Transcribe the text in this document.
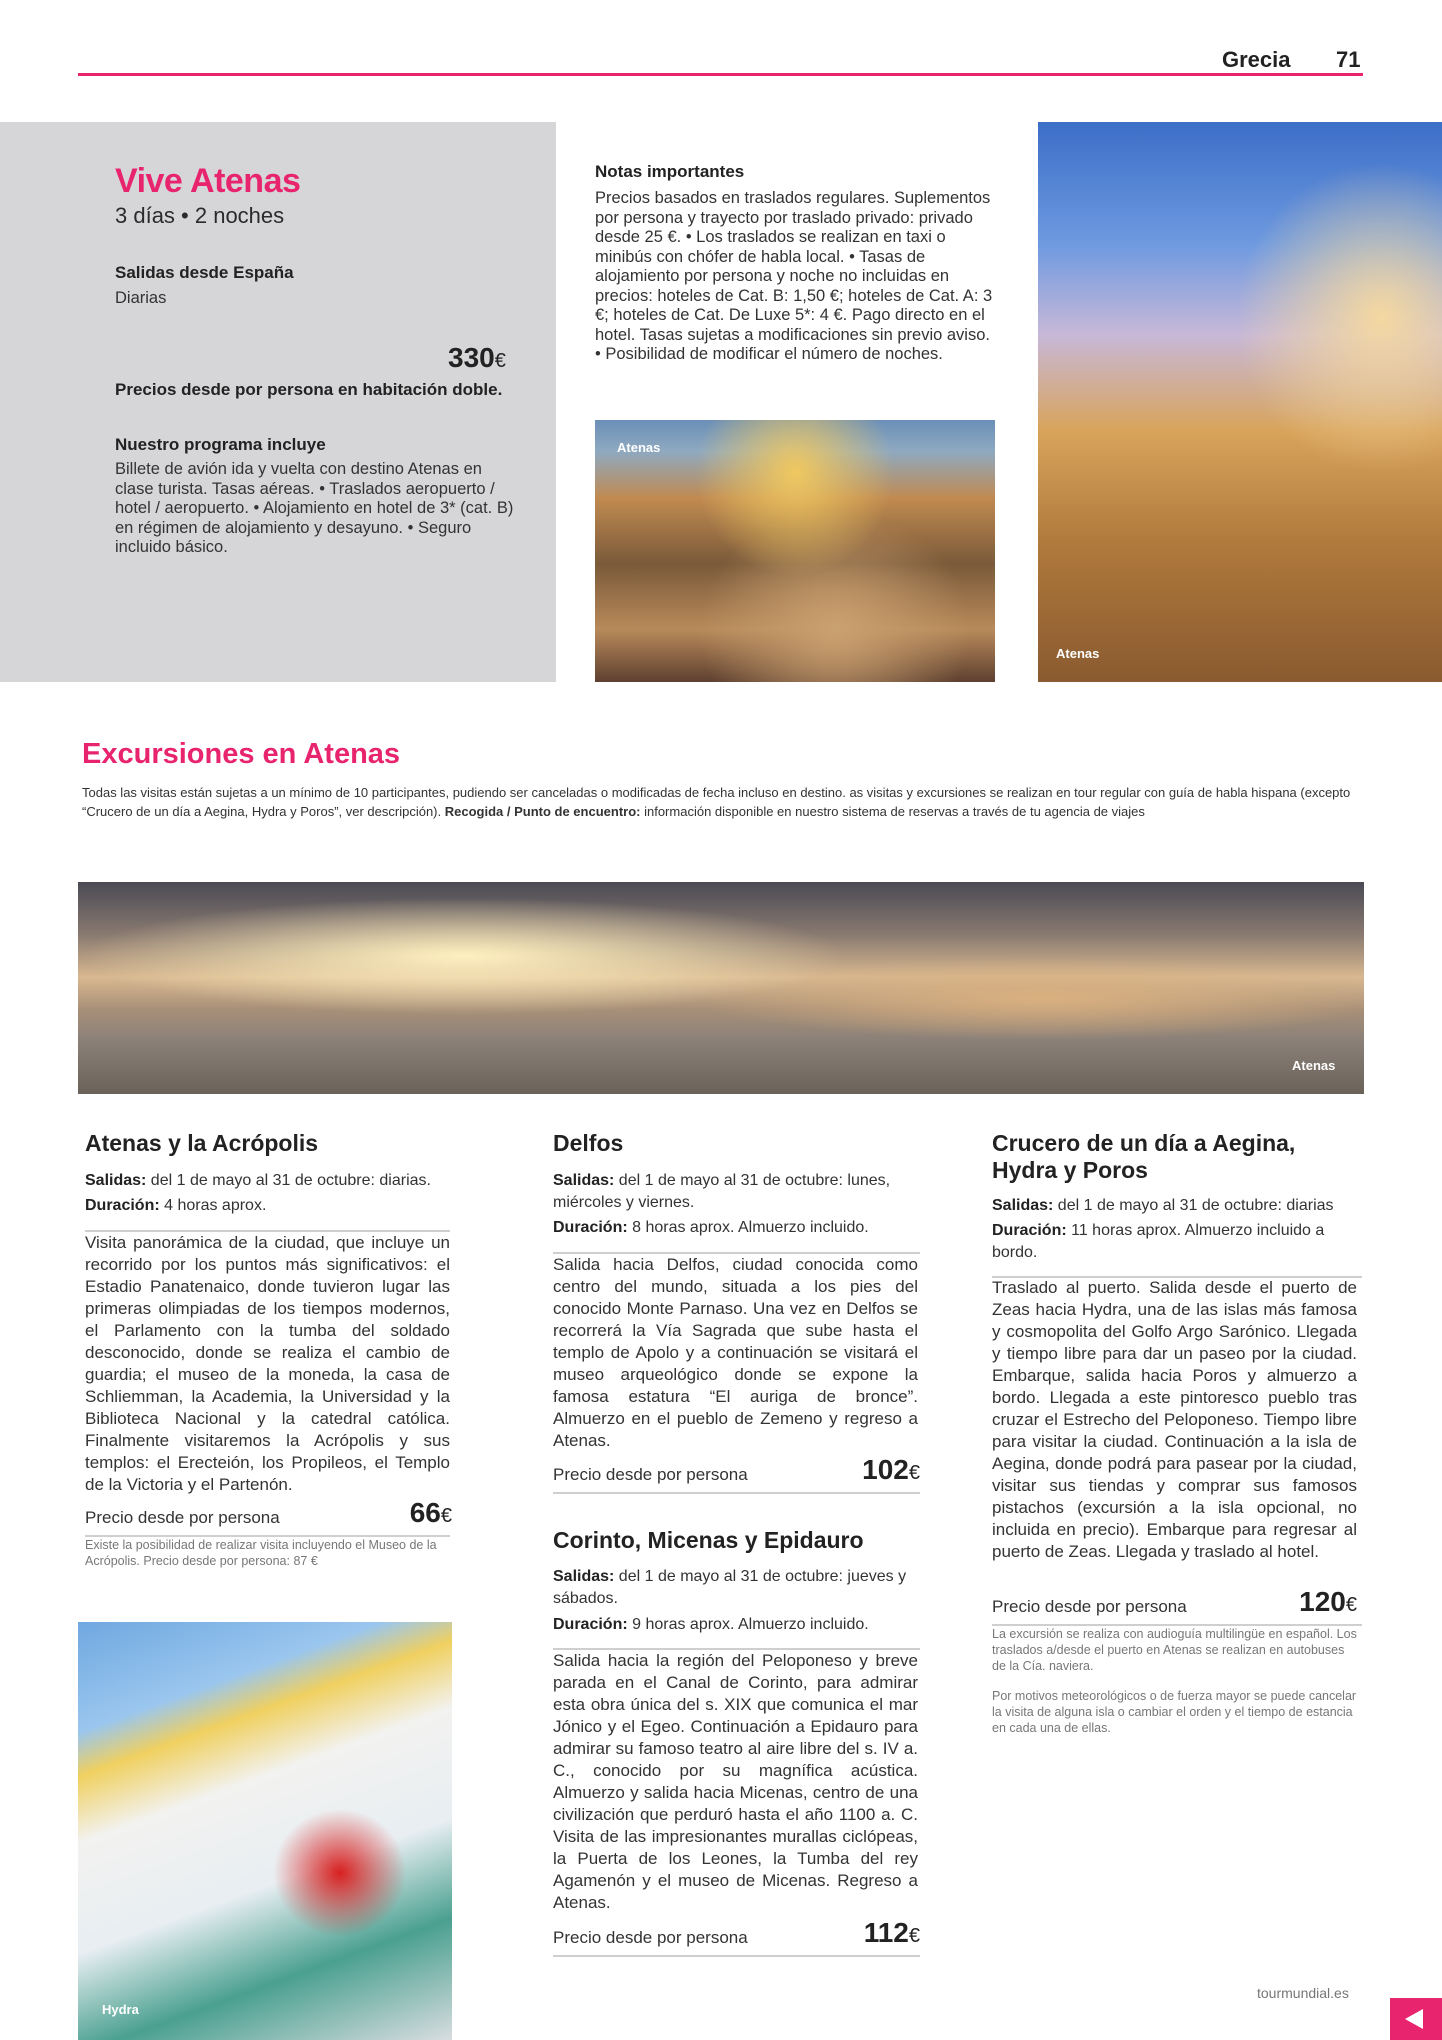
Grecia 71
Vive Atenas
3 días • 2 noches
Salidas desde España
Diarias
330€
Precios desde por persona en habitación doble.
Nuestro programa incluye
Billete de avión ida y vuelta con destino Atenas en clase turista. Tasas aéreas. • Traslados aeropuerto / hotel / aeropuerto. • Alojamiento en hotel de 3* (cat. B) en régimen de alojamiento y desayuno. • Seguro incluido básico.
Notas importantes
Precios basados en traslados regulares. Suplementos por persona y trayecto por traslado privado: privado desde 25 €. • Los traslados se realizan en taxi o minibús con chófer de habla local. • Tasas de alojamiento por persona y noche no incluidas en precios: hoteles de Cat. B: 1,50 €; hoteles de Cat. A: 3 €; hoteles de Cat. De Luxe 5*: 4 €. Pago directo en el hotel. Tasas sujetas a modificaciones sin previo aviso. • Posibilidad de modificar el número de noches.
Atenas
Atenas
Excursiones en Atenas
Todas las visitas están sujetas a un mínimo de 10 participantes, pudiendo ser canceladas o modificadas de fecha incluso en destino. as visitas y excursiones se realizan en tour regular con guía de habla hispana (excepto “Crucero de un día a Aegina, Hydra y Poros”, ver descripción). Recogida / Punto de encuentro: información disponible en nuestro sistema de reservas a través de tu agencia de viajes
Atenas
Atenas y la Acrópolis
Salidas: del 1 de mayo al 31 de octubre: diarias.
Duración: 4 horas aprox.
Visita panorámica de la ciudad, que incluye un recorrido por los puntos más significativos: el Estadio Panatenaico, donde tuvieron lugar las primeras olimpiadas de los tiempos modernos, el Parlamento con la tumba del soldado desconocido, donde se realiza el cambio de guardia; el museo de la moneda, la casa de Schliemman, la Academia, la Universidad y la Biblioteca Nacional y la catedral católica. Finalmente visitaremos la Acrópolis y sus templos: el Erecteión, los Propileos, el Templo de la Victoria y el Partenón.
Precio desde por persona	66€
Existe la posibilidad de realizar visita incluyendo el Museo de la Acrópolis. Precio desde por persona: 87 €
Hydra
Delfos
Salidas: del 1 de mayo al 31 de octubre: lunes, miércoles y viernes.
Duración: 8 horas aprox. Almuerzo incluido.
Salida hacia Delfos, ciudad conocida como centro del mundo, situada a los pies del conocido Monte Parnaso. Una vez en Delfos se recorrerá la Vía Sagrada que sube hasta el templo de Apolo y a continuación se visitará el museo arqueológico donde se expone la famosa estatura “El auriga de bronce”. Almuerzo en el pueblo de Zemeno y regreso a Atenas.
Precio desde por persona	102€
Corinto, Micenas y Epidauro
Salidas: del 1 de mayo al 31 de octubre: jueves y sábados.
Duración: 9 horas aprox. Almuerzo incluido.
Salida hacia la región del Peloponeso y breve parada en el Canal de Corinto, para admirar esta obra única del s. XIX que comunica el mar Jónico y el Egeo. Continuación a Epidauro para admirar su famoso teatro al aire libre del s. IV a. C., conocido por su magnífica acústica. Almuerzo y salida hacia Micenas, centro de una civilización que perduró hasta el año 1100 a. C. Visita de las impresionantes murallas ciclópeas, la Puerta de los Leones, la Tumba del rey Agamenón y el museo de Micenas. Regreso a Atenas.
Precio desde por persona	112€
Crucero de un día a Aegina, Hydra y Poros
Salidas: del 1 de mayo al 31 de octubre: diarias
Duración: 11 horas aprox. Almuerzo incluido a bordo.
Traslado al puerto. Salida desde el puerto de Zeas hacia Hydra, una de las islas más famosa y cosmopolita del Golfo Argo Sarónico. Llegada y tiempo libre para dar un paseo por la ciudad. Embarque, salida hacia Poros y almuerzo a bordo. Llegada a este pintoresco pueblo tras cruzar el Estrecho del Peloponeso. Tiempo libre para visitar la ciudad. Continuación a la isla de Aegina, donde podrá para pasear por la ciudad, visitar sus tiendas y comprar sus famosos pistachos (excursión a la isla opcional, no incluida en precio). Embarque para regresar al puerto de Zeas. Llegada y traslado al hotel.
Precio desde por persona	120€
La excursión se realiza con audioguía multilingüe en español. Los traslados a/desde el puerto en Atenas se realizan en autobuses de la Cía. naviera.
Por motivos meteorológicos o de fuerza mayor se puede cancelar la visita de alguna isla o cambiar el orden y el tiempo de estancia en cada una de ellas.
tourmundial.es
